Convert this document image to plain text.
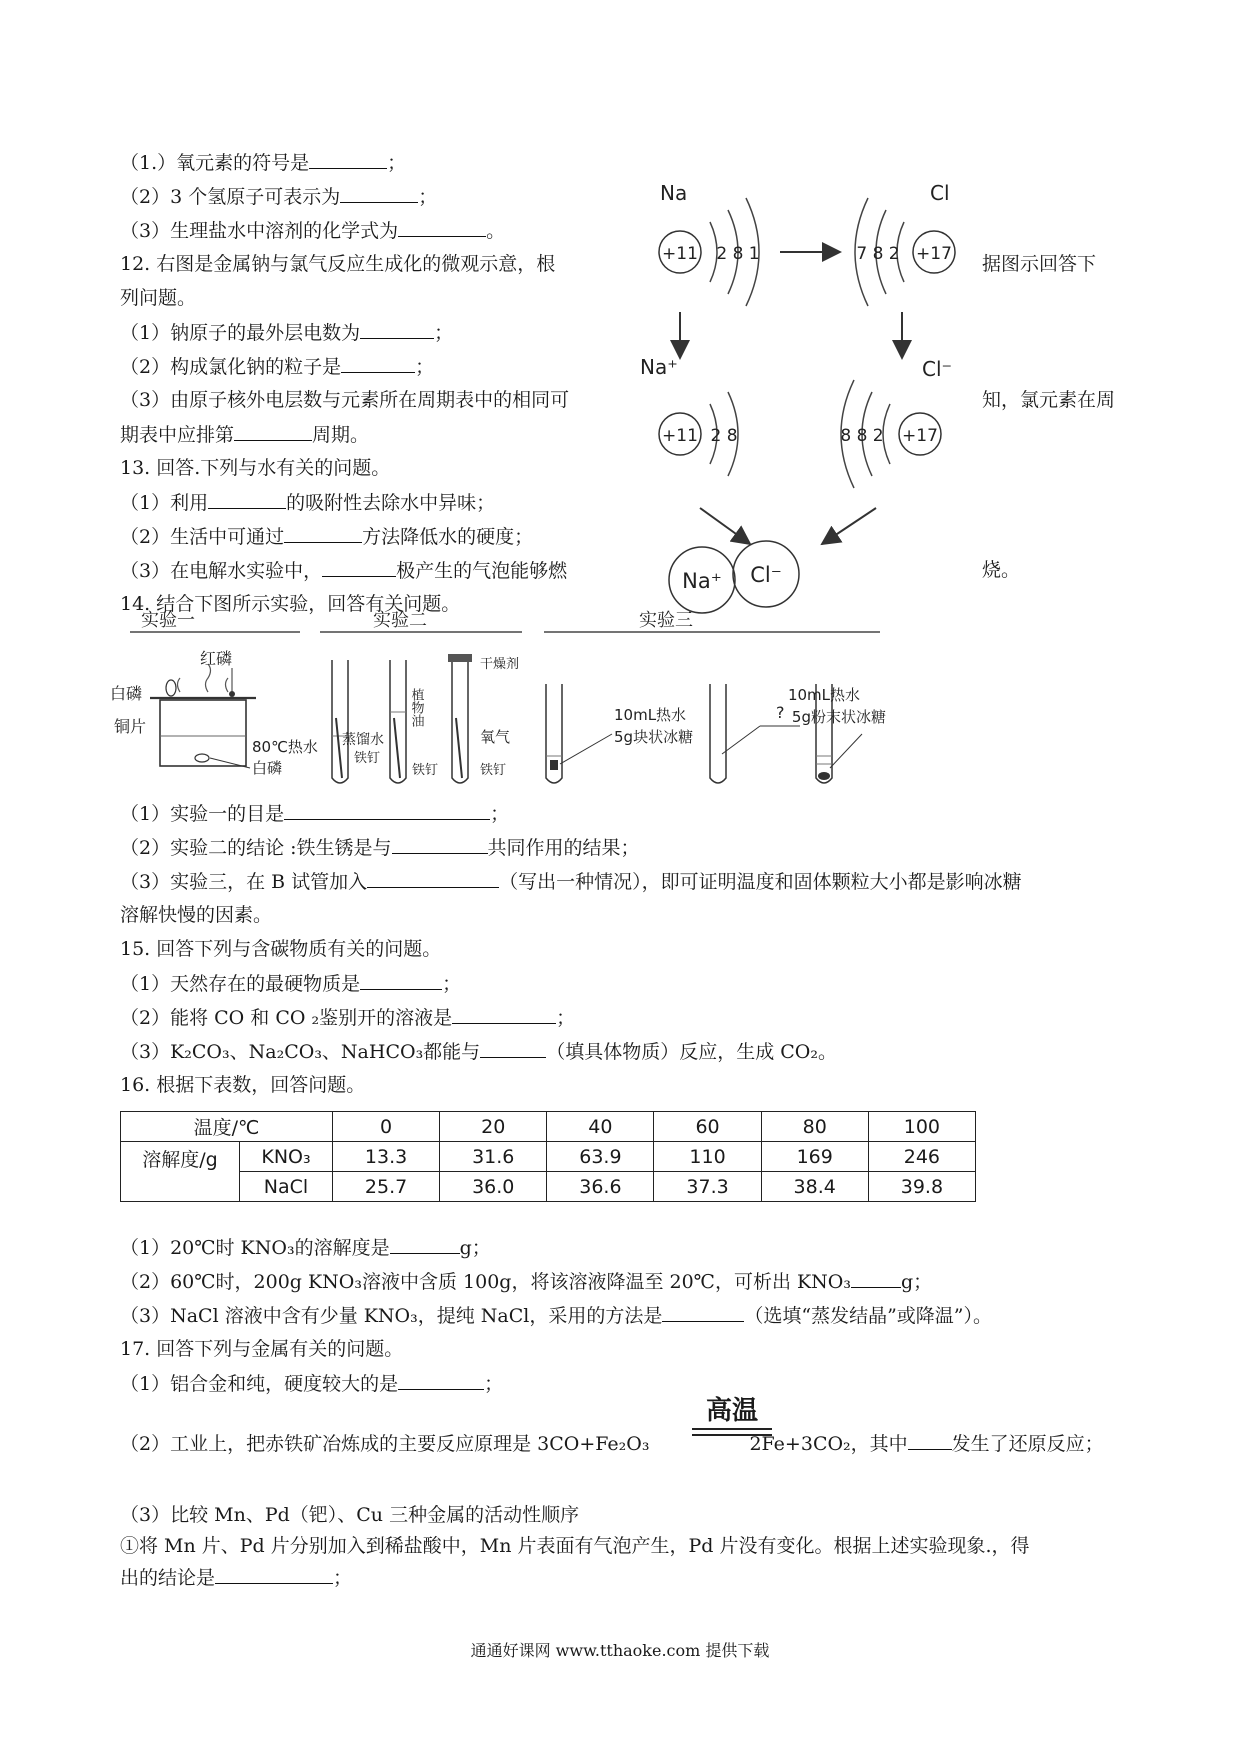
（1.）氧元素的符号是	；
（2）3 个氢原子可表示为	；
（3）生理盐水中溶剂的化学式为	。
12. 右图是金属钠与氯气反应生成化的微观示意，根	据图示回答下
列问题。
（1）钠原子的最外层电数为	；
（2）构成氯化钠的粒子是	；
（3）由原子核外电层数与元素所在周期表中的相同可	知，氯元素在周
期表中应排第	周期。
13. 回答.下列与水有关的问题。
（1）利用	的吸附性去除水中异味；
（2）生活中可通过	方法降低水的硬度；
（3）在电解水实验中，	极产生的气泡能够燃	烧。
14. 结合下图所示实验，回答有关问题。
Na
+11 2 8 1
Cl
+17
7 8 2
Na⁺
+11 2 8
Cl⁻
+17
8 8 2
Na⁺ Cl⁻
实验一	实验二	实验三
红磷
白磷
铜片
80℃热水
白磷
蒸馏水
植物油
铁钉
铁钉	铁钉
干燥剂
氧气
10mL热水
5g块状冰糖
?
10mL热水
5g粉末状冰糖
（1）实验一的目是	；
（2）实验二的结论 :铁生锈是与	共同作用的结果；
（3）实验三，在 B 试管加入	（写出一种情况），即可证明温度和固体颗粒大小都是影响冰糖
溶解快慢的因素。
15. 回答下列与含碳物质有关的问题。
（1）天然存在的最硬物质是	；
（2）能将 CO 和 CO ₂鉴别开的溶液是	；
（3）K₂CO₃、Na₂CO₃、NaHCO₃都能与	（填具体物质）反应，生成 CO₂。
16. 根据下表数，回答问题。
温度/℃		0	20	40	60	80	100
溶解度/g	KNO₃	13.3	31.6	63.9	110	169	246
	NaCl	25.7	36.0	36.6	37.3	38.4	39.8
（1）20℃时 KNO₃的溶解度是	g；
（2）60℃时，200g KNO₃溶液中含质 100g，将该溶液降温至 20℃，可析出 KNO₃	g；
（3）NaCl 溶液中含有少量 KNO₃，提纯 NaCl，采用的方法是	（选填“蒸发结晶”或降温”）。
17. 回答下列与金属有关的问题。
（1）铝合金和纯，硬度较大的是	；
（2）工业上，把赤铁矿冶炼成的主要反应原理是 3CO+Fe₂O₃	2Fe+3CO₂，其中 发生了还原反应；
高温
（3）比较 Mn、Pd（钯）、Cu 三种金属的活动性顺序
①将 Mn 片、Pd 片分别加入到稀盐酸中，Mn 片表面有气泡产生，Pd 片没有变化。根据上述实验现象.，得
出的结论是	；
通通好课网 www.tthaoke.com 提供下载
